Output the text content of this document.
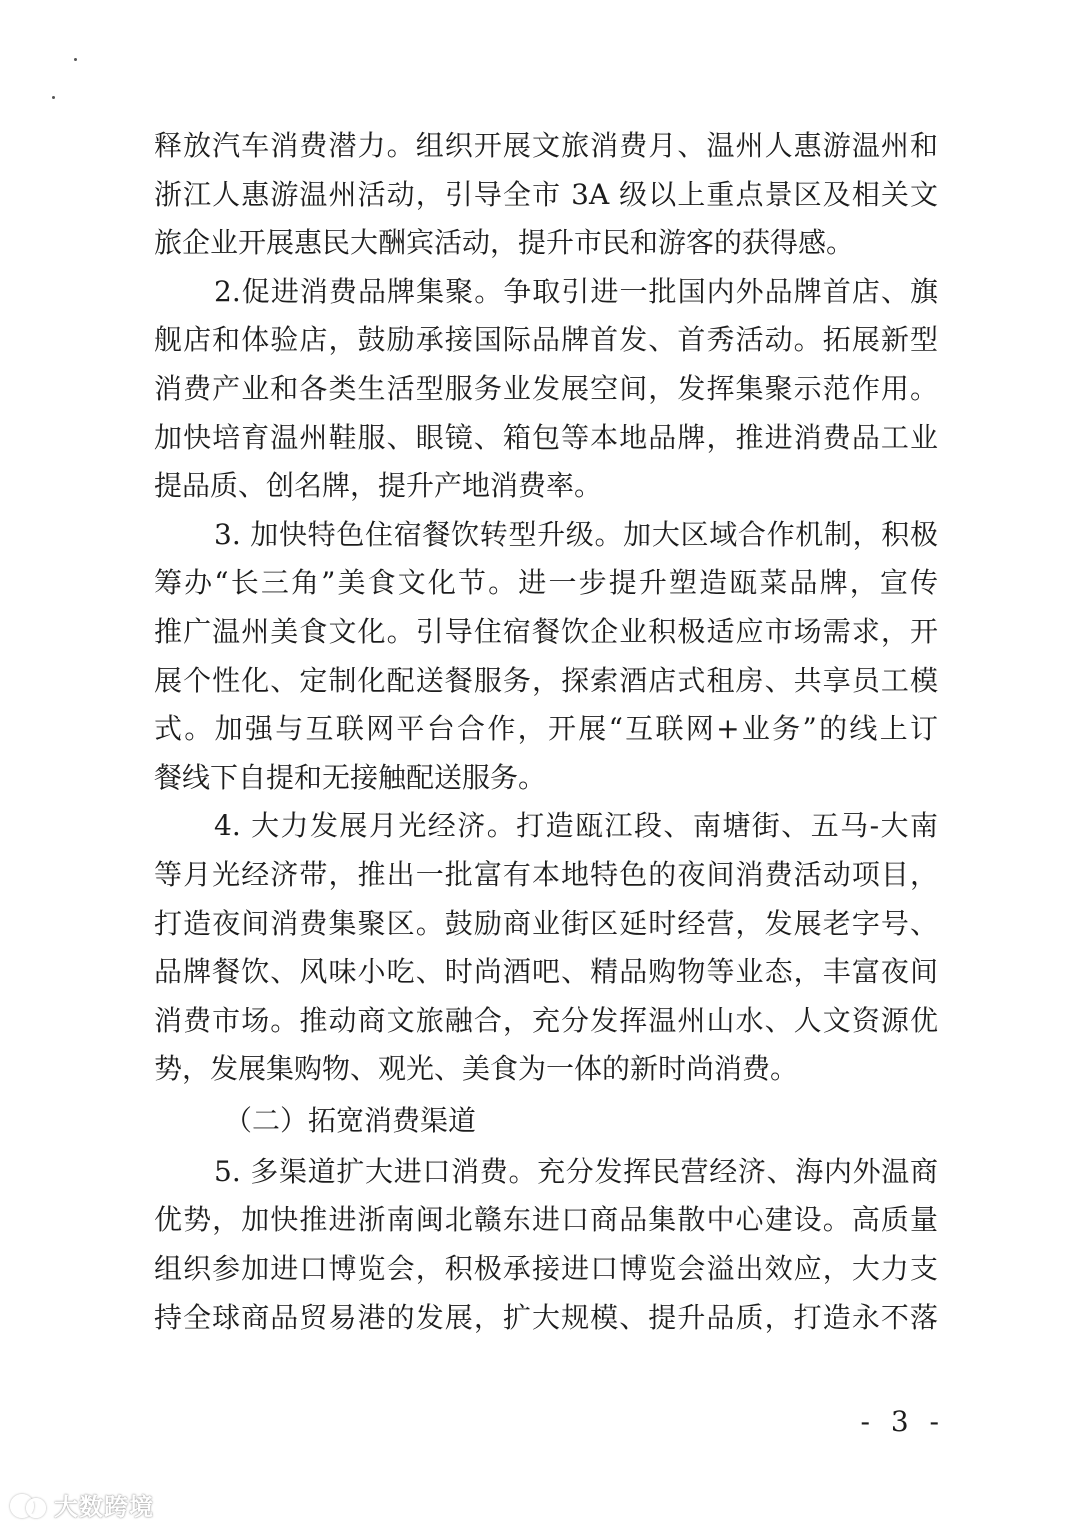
释放汽车消费潜力。组织开展文旅消费月、温州人惠游温州和
浙江人惠游温州活动，引导全市 3A 级以上重点景区及相关文
旅企业开展惠民大酬宾活动，提升市民和游客的获得感。
2.促进消费品牌集聚。争取引进一批国内外品牌首店、旗
舰店和体验店，鼓励承接国际品牌首发、首秀活动。拓展新型
消费产业和各类生活型服务业发展空间，发挥集聚示范作用。
加快培育温州鞋服、眼镜、箱包等本地品牌，推进消费品工业
提品质、创名牌，提升产地消费率。
3. 加快特色住宿餐饮转型升级。加大区域合作机制，积极
筹办“长三角”美食文化节。进一步提升塑造瓯菜品牌，宣传
推广温州美食文化。引导住宿餐饮企业积极适应市场需求，开
展个性化、定制化配送餐服务，探索酒店式租房、共享员工模
式。加强与互联网平台合作，开展“互联网+业务”的线上订
餐线下自提和无接触配送服务。
4. 大力发展月光经济。打造瓯江段、南塘街、五马-大南
等月光经济带，推出一批富有本地特色的夜间消费活动项目，
打造夜间消费集聚区。鼓励商业街区延时经营，发展老字号、
品牌餐饮、风味小吃、时尚酒吧、精品购物等业态，丰富夜间
消费市场。推动商文旅融合，充分发挥温州山水、人文资源优
势，发展集购物、观光、美食为一体的新时尚消费。
（二）拓宽消费渠道
5. 多渠道扩大进口消费。充分发挥民营经济、海内外温商
优势，加快推进浙南闽北赣东进口商品集散中心建设。高质量
组织参加进口博览会，积极承接进口博览会溢出效应，大力支
持全球商品贸易港的发展，扩大规模、提升品质，打造永不落
- 3 -
大数跨境
